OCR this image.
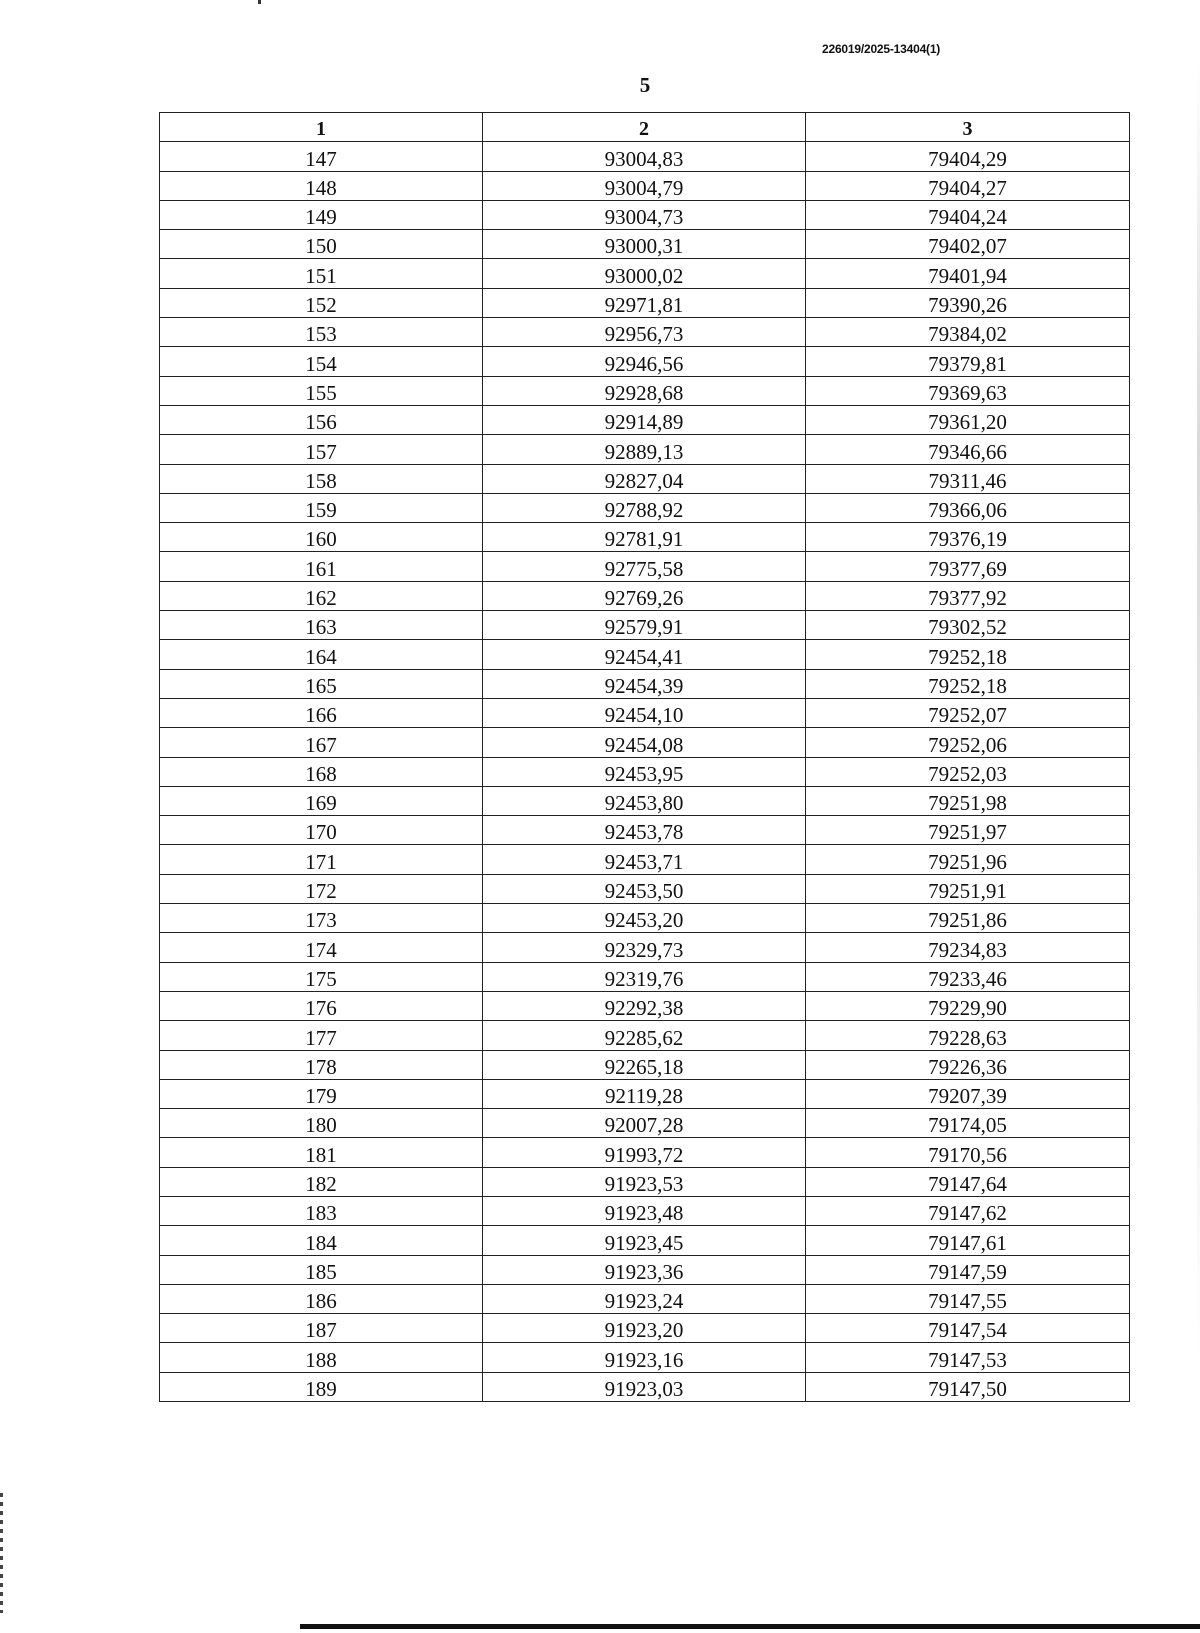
226019/2025-13404(1)
5
1	2	3
147	93004,83	79404,29
148	93004,79	79404,27
149	93004,73	79404,24
150	93000,31	79402,07
151	93000,02	79401,94
152	92971,81	79390,26
153	92956,73	79384,02
154	92946,56	79379,81
155	92928,68	79369,63
156	92914,89	79361,20
157	92889,13	79346,66
158	92827,04	79311,46
159	92788,92	79366,06
160	92781,91	79376,19
161	92775,58	79377,69
162	92769,26	79377,92
163	92579,91	79302,52
164	92454,41	79252,18
165	92454,39	79252,18
166	92454,10	79252,07
167	92454,08	79252,06
168	92453,95	79252,03
169	92453,80	79251,98
170	92453,78	79251,97
171	92453,71	79251,96
172	92453,50	79251,91
173	92453,20	79251,86
174	92329,73	79234,83
175	92319,76	79233,46
176	92292,38	79229,90
177	92285,62	79228,63
178	92265,18	79226,36
179	92119,28	79207,39
180	92007,28	79174,05
181	91993,72	79170,56
182	91923,53	79147,64
183	91923,48	79147,62
184	91923,45	79147,61
185	91923,36	79147,59
186	91923,24	79147,55
187	91923,20	79147,54
188	91923,16	79147,53
189	91923,03	79147,50
